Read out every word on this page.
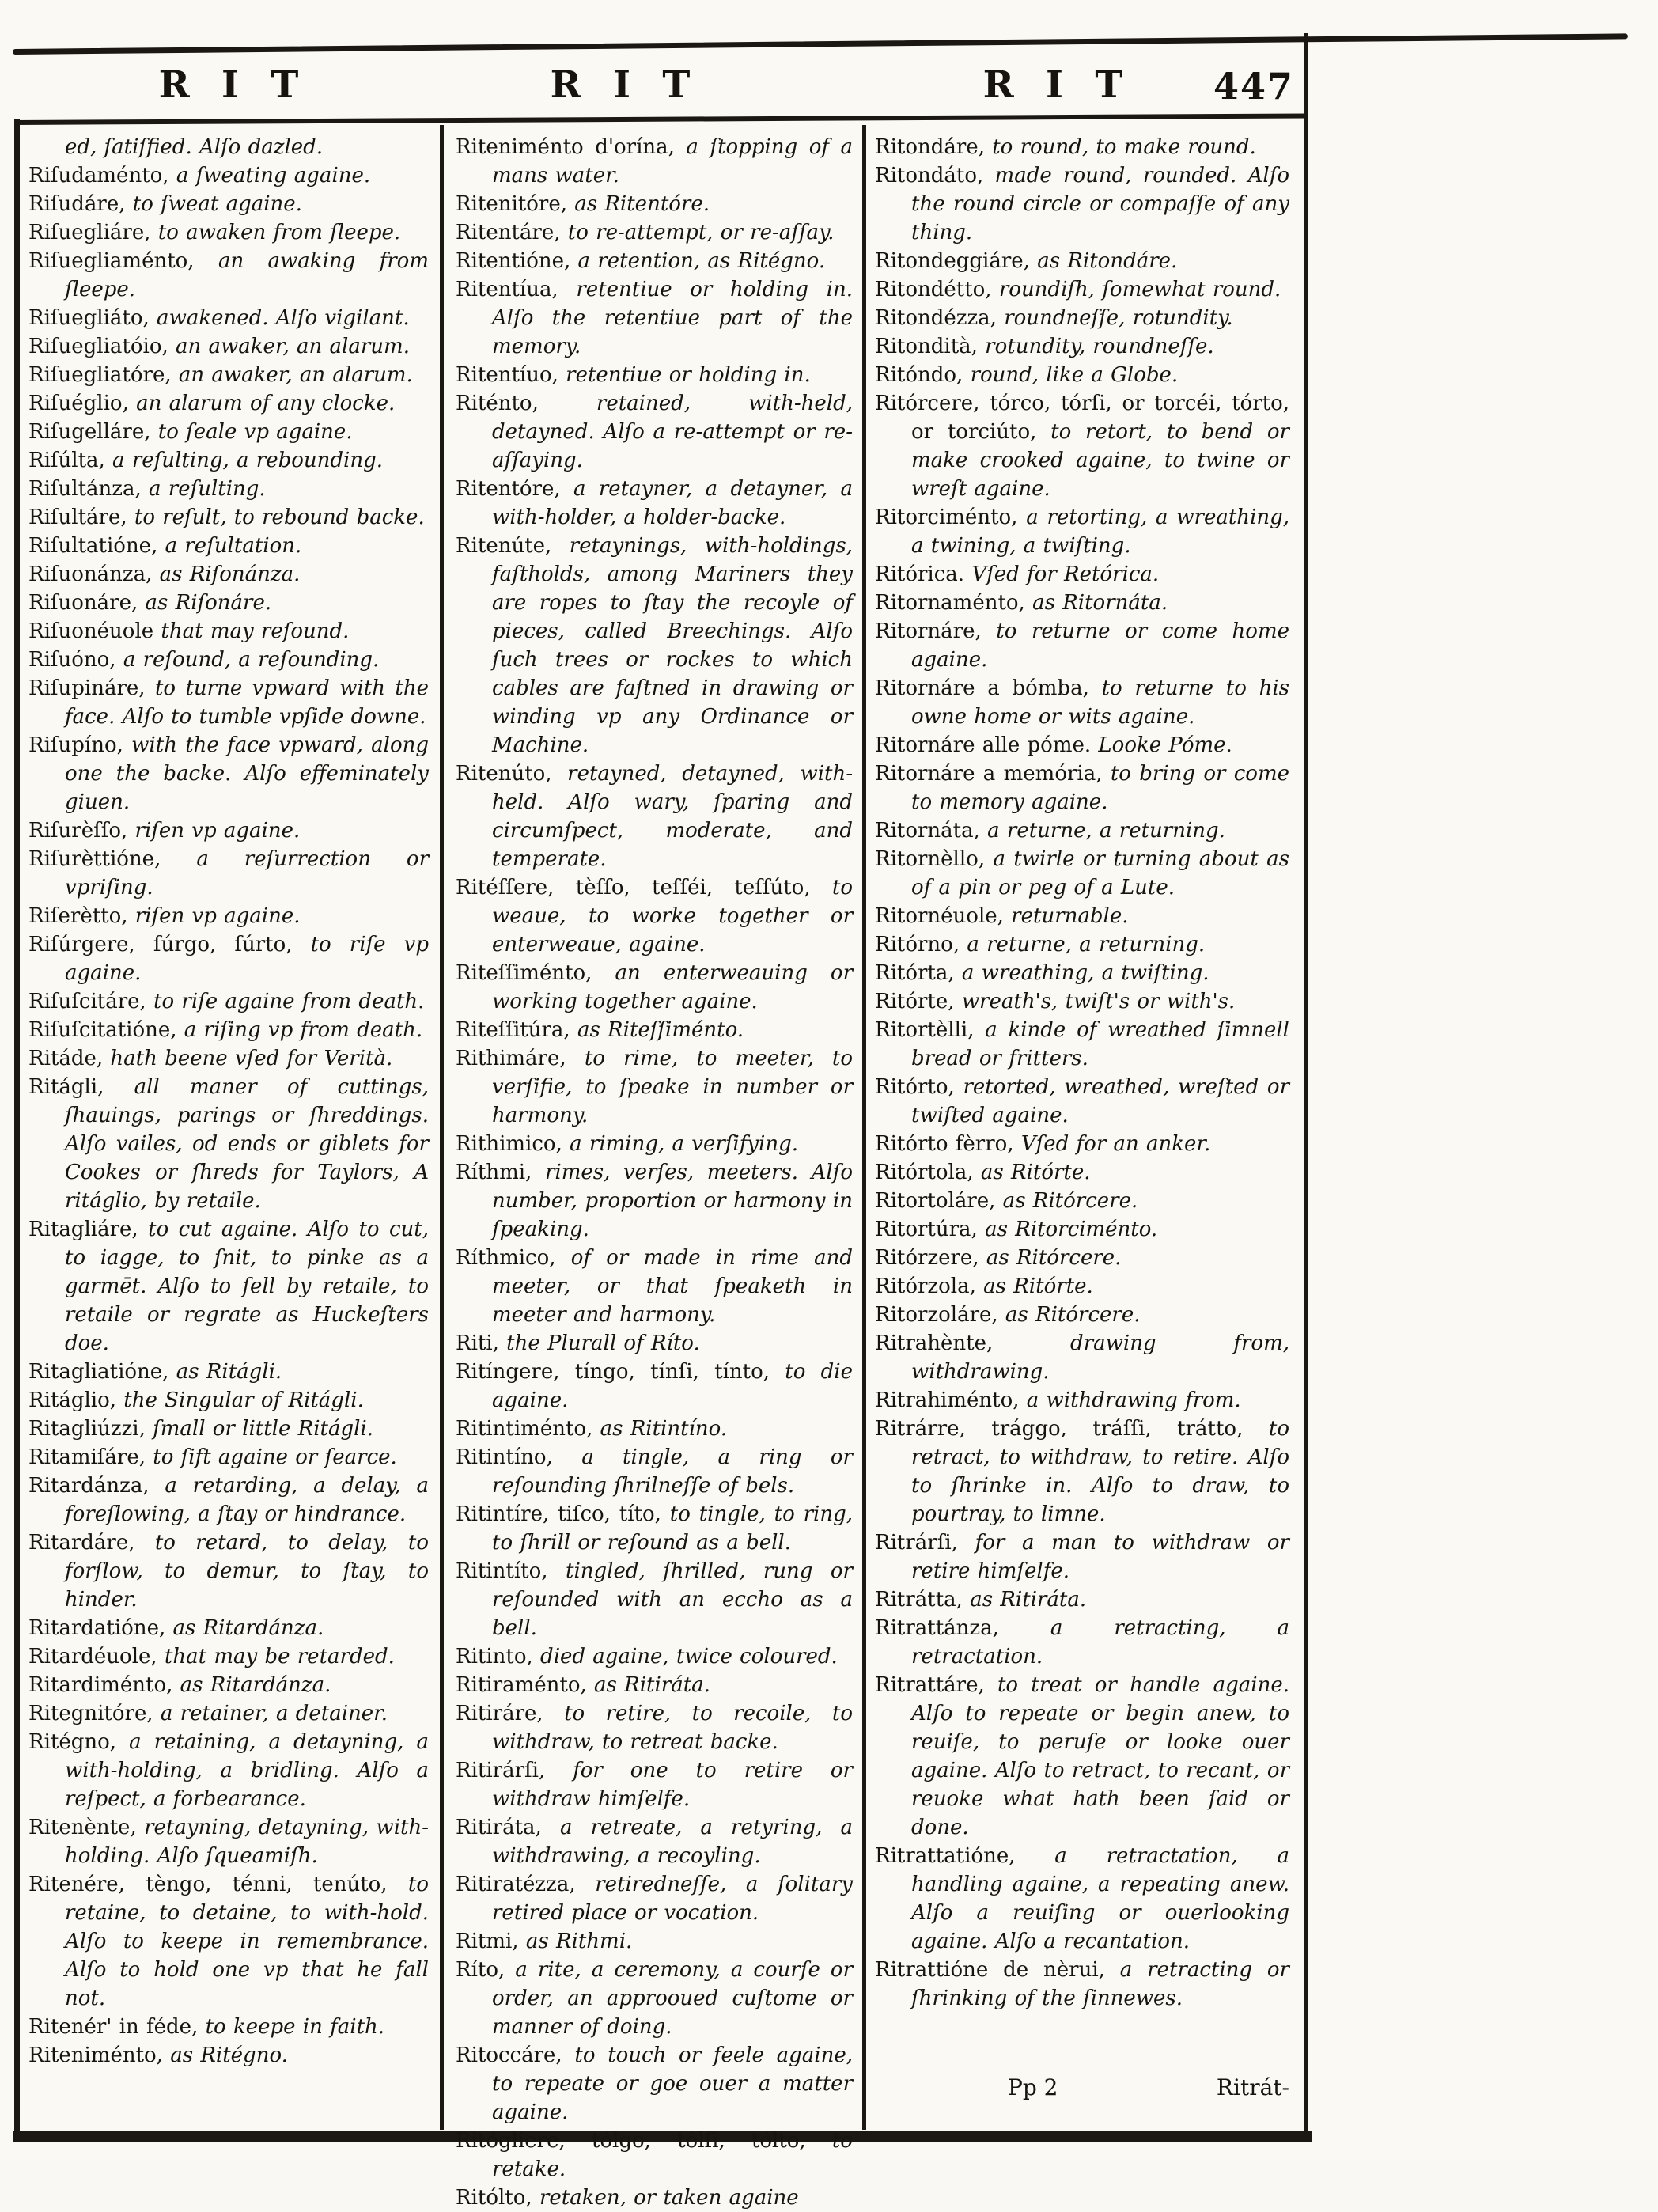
R I T	R I T	R I T 447

ed, ſatiſfied. Alſo dazled.

Riſudaménto, a ſweating againe.

Riſudáre, to ſweat againe.

Riſuegliáre, to awaken from ſleepe.

Riſuegliaménto, an awaking from ſleepe.

Riſuegliáto, awakened. Alſo vigilant.

Riſuegliatóio, an awaker, an alarum.

Riſuegliatóre, an awaker, an alarum.

Riſuéglio, an alarum of any clocke.

Riſugelláre, to ſeale vp againe.

Riſúlta, a reſulting, a rebounding.

Riſultánza, a reſulting.

Riſultáre, to reſult, to rebound backe.

Riſultatióne, a reſultation.

Riſuonánza, as Riſonánza.

Riſuonáre, as Riſonáre.

Riſuonéuole that may reſound.

Riſuóno, a reſound, a reſounding.

Riſupináre, to turne vpward with the face. Alſo to tumble vpſide downe.

Riſupíno, with the face vpward, along one the backe. Alſo effeminately giuen.

Riſurèſſo, riſen vp againe.

Riſurèttióne, a reſurrection or vpriſing.

Riſerètto, riſen vp againe.

Riſúrgere, ſúrgo, ſúrto, to riſe vp againe.

Riſuſcitáre, to riſe againe from death.

Riſuſcitatióne, a riſing vp from death.

Ritáde, hath beene vſed for Verità.

Ritágli, all maner of cuttings, ſhauings, parings or ſhreddings. Alſo vailes, od ends or giblets for Cookes or ſhreds for Taylors, A ritáglio, by retaile.

Ritagliáre, to cut againe. Alſo to cut, to iagge, to ſnit, to pinke as a garmēt. Alſo to ſell by retaile, to retaile or regrate as Huckeſters doe.

Ritagliatióne, as Ritágli.

Ritáglio, the Singular of Ritágli.

Ritagliúzzi, ſmall or little Ritágli.

Ritamiſáre, to ſift againe or ſearce.

Ritardánza, a retarding, a delay, a foreſlowing, a ſtay or hindrance.

Ritardáre, to retard, to delay, to forſlow, to demur, to ſtay, to hinder.

Ritardatióne, as Ritardánza.

Ritardéuole, that may be retarded.

Ritardiménto, as Ritardánza.

Ritegnitóre, a retainer, a detainer.

Ritégno, a retaining, a detayning, a with-holding, a bridling. Alſo a reſpect, a forbearance.

Ritenènte, retayning, detayning, with-holding. Alſo ſqueamiſh.

Ritenére, tèngo, ténni, tenúto, to retaine, to detaine, to with-hold. Alſo to keepe in remembrance. Alſo to hold one vp that he fall not.

Ritenér' in féde, to keepe in faith.

Riteniménto, as Ritégno.

Riteniménto d'orína, a ſtopping of a mans water.

Ritenitóre, as Ritentóre.

Ritentáre, to re-attempt, or re-aſſay.

Ritentióne, a retention, as Ritégno.

Ritentíua, retentiue or holding in. Alſo the retentiue part of the memory.

Ritentíuo, retentiue or holding in.

Riténto, retained, with-held, detayned. Alſo a re-attempt or re-aſſaying.

Ritentóre, a retayner, a detayner, a with-holder, a holder-backe.

Ritenúte, retaynings, with-holdings, faſtholds, among Mariners they are ropes to ſtay the recoyle of pieces, called Breechings. Alſo ſuch trees or rockes to which cables are faſtned in drawing or winding vp any Ordinance or Machine.

Ritenúto, retayned, detayned, with-held. Alſo wary, ſparing and circumſpect, moderate, and temperate.

Ritéſſere, tèſſo, teſſéi, teſſúto, to weaue, to worke together or enterweaue, againe.

Riteſſiménto, an enterweauing or working together againe.

Riteſſitúra, as Riteſſiménto.

Rithimáre, to rime, to meeter, to verſifie, to ſpeake in number or harmony.

Rithimico, a riming, a verſifying.

Ríthmi, rimes, verſes, meeters. Alſo number, proportion or harmony in ſpeaking.

Ríthmico, of or made in rime and meeter, or that ſpeaketh in meeter and harmony.

Riti, the Plurall of Ríto.

Ritíngere, tíngo, tínſi, tínto, to die againe.

Ritintiménto, as Ritintíno.

Ritintíno, a tingle, a ring or reſounding ſhrilneſſe of bels.

Ritintíre, tiſco, títo, to tingle, to ring, to ſhrill or reſound as a bell.

Ritintíto, tingled, ſhrilled, rung or reſounded with an eccho as a bell.

Ritinto, died againe, twice coloured.

Ritiraménto, as Ritiráta.

Ritiráre, to retire, to recoile, to withdraw, to retreat backe.

Ritirárſi, for one to retire or withdraw himſelfe.

Ritiráta, a retreate, a retyring, a withdrawing, a recoyling.

Ritiratézza, retiredneſſe, a ſolitary retired place or vocation.

Ritmi, as Rithmi.

Ríto, a rite, a ceremony, a courſe or order, an approoued cuſtome or manner of doing.

Ritoccáre, to touch or feele againe, to repeate or goe ouer a matter againe.

Ritógliere, tólgo, tólſi, tólto, to retake.

Ritólto, retaken, or taken againe

Ritondáre, to round, to make round.

Ritondáto, made round, rounded. Alſo the round circle or compaſſe of any thing.

Ritondeggiáre, as Ritondáre.

Ritondétto, roundiſh, ſomewhat round.

Ritondézza, roundneſſe, rotundity.

Ritondità, rotundity, roundneſſe.

Ritóndo, round, like a Globe.

Ritórcere, tórco, tórſi, or torcéi, tórto, or torciúto, to retort, to bend or make crooked againe, to twine or wreſt againe.

Ritorciménto, a retorting, a wreathing, a twining, a twiſting.

Ritórica. Vſed for Retórica.

Ritornaménto, as Ritornáta.

Ritornáre, to returne or come home againe.

Ritornáre a bómba, to returne to his owne home or wits againe.

Ritornáre alle póme. Looke Póme.

Ritornáre a memória, to bring or come to memory againe.

Ritornáta, a returne, a returning.

Ritornèllo, a twirle or turning about as of a pin or peg of a Lute.

Ritornéuole, returnable.

Ritórno, a returne, a returning.

Ritórta, a wreathing, a twiſting.

Ritórte, wreath's, twiſt's or with's.

Ritortèlli, a kinde of wreathed ſimnell bread or fritters.

Ritórto, retorted, wreathed, wreſted or twiſted againe.

Ritórto fèrro, Vſed for an anker.

Ritórtola, as Ritórte.

Ritortoláre, as Ritórcere.

Ritortúra, as Ritorciménto.

Ritórzere, as Ritórcere.

Ritórzola, as Ritórte.

Ritorzoláre, as Ritórcere.

Ritrahènte, drawing from, withdrawing.

Ritrahiménto, a withdrawing from.

Ritrárre, trággo, tráſſi, trátto, to retract, to withdraw, to retire. Alſo to ſhrinke in. Alſo to draw, to pourtray, to limne.

Ritrárſi, for a man to withdraw or retire himſelfe.

Ritrátta, as Ritiráta.

Ritrattánza, a retracting, a retractation.

Ritrattáre, to treat or handle againe. Alſo to repeate or begin anew, to reuiſe, to peruſe or looke ouer againe. Alſo to retract, to recant, or reuoke what hath been ſaid or done.

Ritrattatióne, a retractation, a handling againe, a repeating anew. Alſo a reuiſing or ouerlooking againe. Alſo a recantation.

Ritrattióne de nèrui, a retracting or ſhrinking of the ſinnewes.

Pp 2	Ritrát-
